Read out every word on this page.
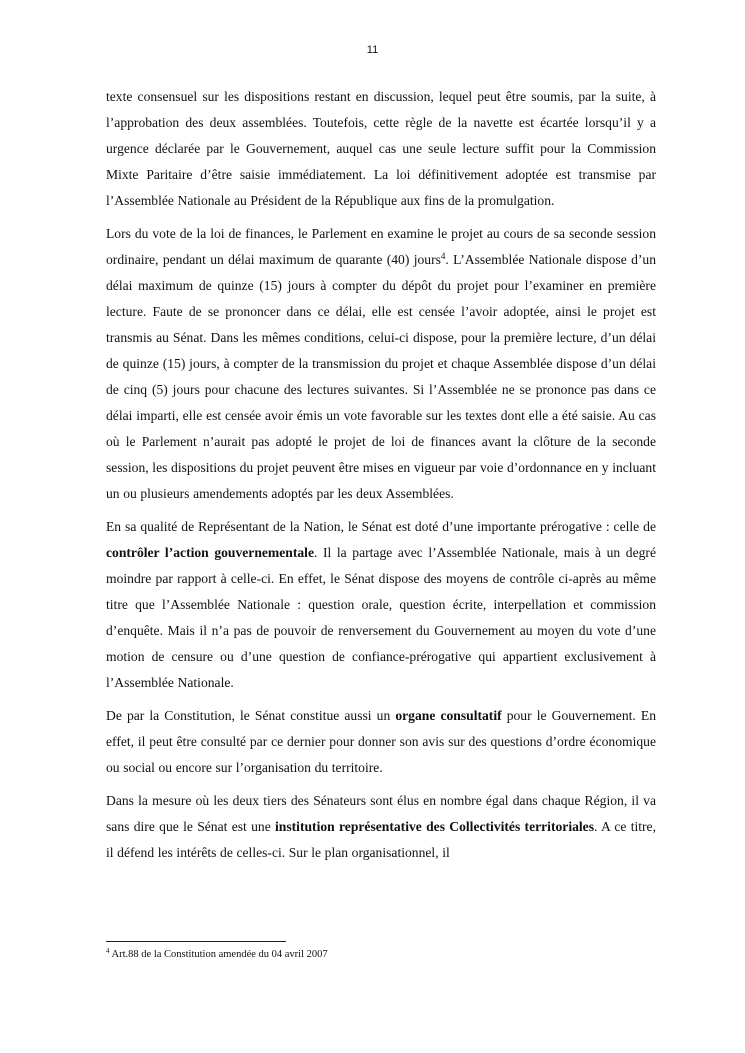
11

texte consensuel sur les dispositions restant en discussion, lequel peut être soumis, par la suite, à l’approbation des deux assemblées. Toutefois, cette règle de la navette est écartée lorsqu’il y a urgence déclarée par le Gouvernement, auquel cas une seule lecture suffit pour la Commission Mixte Paritaire d’être saisie immédiatement. La loi définitivement adoptée est transmise par l’Assemblée Nationale au Président de la République aux fins de la promulgation.

Lors du vote de la loi de finances, le Parlement en examine le projet au cours de sa seconde session ordinaire, pendant un délai maximum de quarante (40) jours$^4$. L’Assemblée Nationale dispose d’un délai maximum de quinze (15) jours à compter du dépôt du projet pour l’examiner en première lecture. Faute de se prononcer dans ce délai, elle est censée l’avoir adoptée, ainsi le projet est transmis au Sénat. Dans les mêmes conditions, celui-ci dispose, pour la première lecture, d’un délai de quinze (15) jours, à compter de la transmission du projet et chaque Assemblée dispose d’un délai de cinq (5) jours pour chacune des lectures suivantes. Si l’Assemblée ne se prononce pas dans ce délai imparti, elle est censée avoir émis un vote favorable sur les textes dont elle a été saisie. Au cas où le Parlement n’aurait pas adopté le projet de loi de finances avant la clôture de la seconde session, les dispositions du projet peuvent être mises en vigueur par voie d’ordonnance en y incluant un ou plusieurs amendements adoptés par les deux Assemblées.

En sa qualité de Représentant de la Nation, le Sénat est doté d’une importante prérogative : celle de contrôler l’action gouvernementale. Il la partage avec l’Assemblée Nationale, mais à un degré moindre par rapport à celle-ci. En effet, le Sénat dispose des moyens de contrôle ci-après au même titre que l’Assemblée Nationale : question orale, question écrite, interpellation et commission d’enquête. Mais il n’a pas de pouvoir de renversement du Gouvernement au moyen du vote d’une motion de censure ou d’une question de confiance-prérogative qui appartient exclusivement à l’Assemblée Nationale.

De par la Constitution, le Sénat constitue aussi un organe consultatif pour le Gouvernement. En effet, il peut être consulté par ce dernier pour donner son avis sur des questions d’ordre économique ou social ou encore sur l’organisation du territoire.

Dans la mesure où les deux tiers des Sénateurs sont élus en nombre égal dans chaque Région, il va sans dire que le Sénat est une institution représentative des Collectivités territoriales. A ce titre, il défend les intérêts de celles-ci. Sur le plan organisationnel, il

$^4$ Art.88 de la Constitution amendée du 04 avril 2007
